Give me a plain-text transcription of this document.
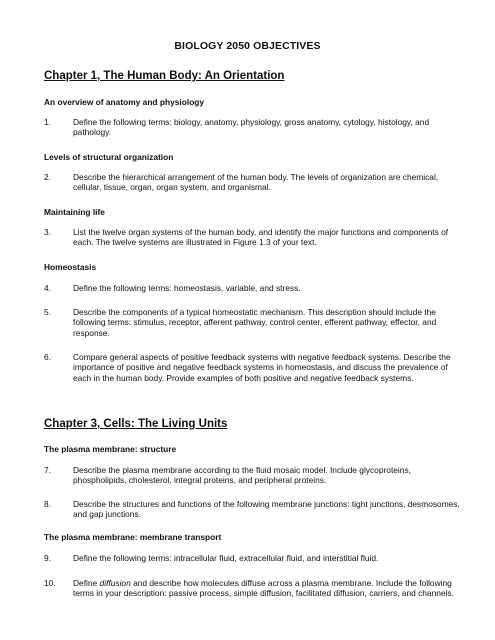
BIOLOGY 2050 OBJECTIVES
Chapter 1, The Human Body: An Orientation
An overview of anatomy and physiology
1.	Define the following terms: biology, anatomy, physiology, gross anatomy, cytology, histology, and pathology.
Levels of structural organization
2.	Describe the hierarchical arrangement of the human body. The levels of organization are chemical, cellular, tissue, organ, organ system, and organismal.
Maintaining life
3.	List the twelve organ systems of the human body, and identify the major functions and components of each. The twelve systems are illustrated in Figure 1.3 of your text.
Homeostasis
4.	Define the following terms: homeostasis, variable, and stress.
5.	Describe the components of a typical homeostatic mechanism. This description should include the following terms: stimulus, receptor, afferent pathway, control center, efferent pathway, effector, and response.
6.	Compare general aspects of positive feedback systems with negative feedback systems. Describe the importance of positive and negative feedback systems in homeostasis, and discuss the prevalence of each in the human body. Provide examples of both positive and negative feedback systems.
Chapter 3, Cells: The Living Units
The plasma membrane: structure
7.	Describe the plasma membrane according to the fluid mosaic model. Include glycoproteins, phospholipids, cholesterol, integral proteins, and peripheral proteins.
8.	Describe the structures and functions of the following membrane junctions: tight junctions, desmosomes, and gap junctions.
The plasma membrane: membrane transport
9.	Define the following terms: intracellular fluid, extracellular fluid, and interstitial fluid.
10. Define diffusion and describe how molecules diffuse across a plasma membrane. Include the following terms in your description: passive process, simple diffusion, facilitated diffusion, carriers, and channels.
